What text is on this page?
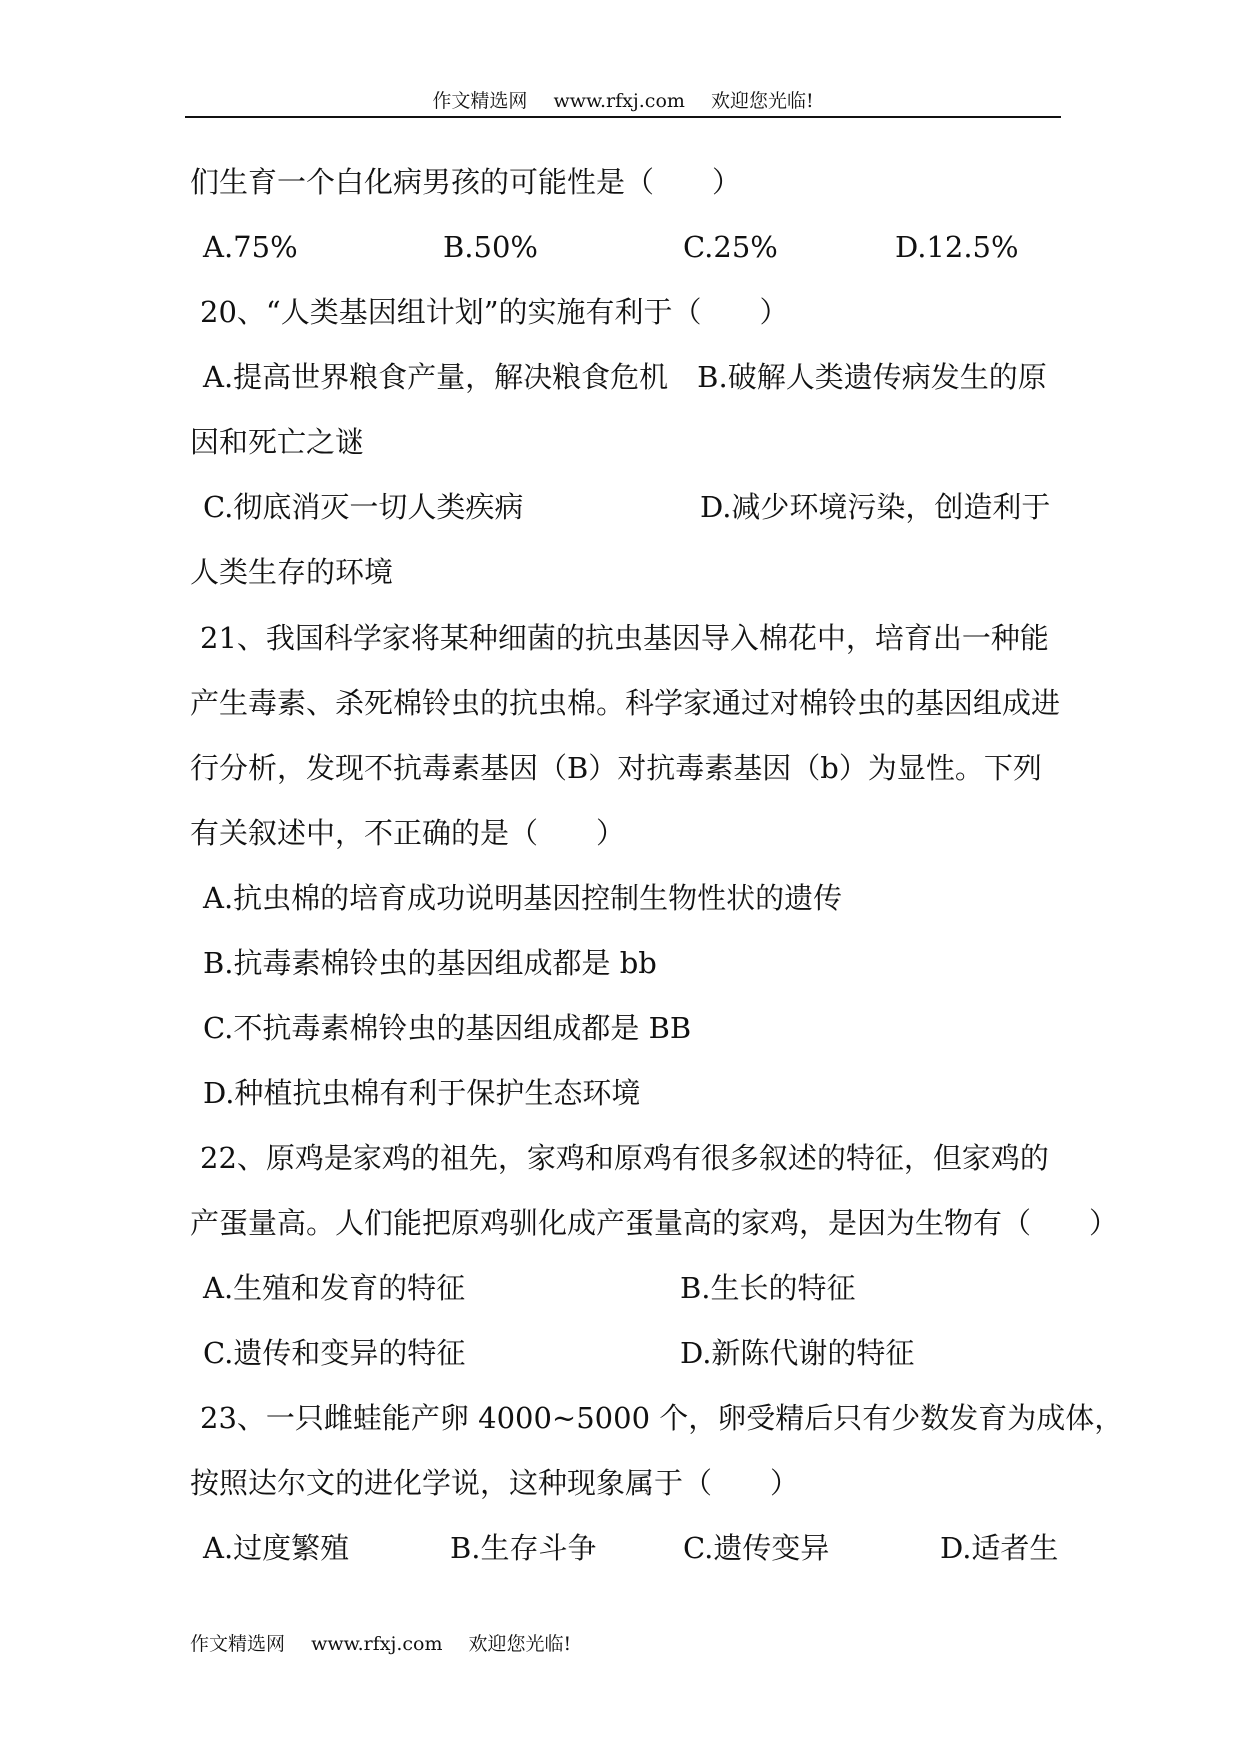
作文精选网 www.rfxj.com 欢迎您光临!
们生育一个白化病男孩的可能性是（　　）
A.75%	B.50%	C.25%	D.12.5%
20、“人类基因组计划”的实施有利于（　　）
A.提高世界粮食产量，解决粮食危机　B.破解人类遗传病发生的原
因和死亡之谜
C.彻底消灭一切人类疾病	D.减少环境污染，创造利于
人类生存的环境
21、我国科学家将某种细菌的抗虫基因导入棉花中，培育出一种能
产生毒素、杀死棉铃虫的抗虫棉。科学家通过对棉铃虫的基因组成进
行分析，发现不抗毒素基因（B）对抗毒素基因（b）为显性。下列
有关叙述中，不正确的是（　　）
A.抗虫棉的培育成功说明基因控制生物性状的遗传
B.抗毒素棉铃虫的基因组成都是 bb
C.不抗毒素棉铃虫的基因组成都是 BB
D.种植抗虫棉有利于保护生态环境
22、原鸡是家鸡的祖先，家鸡和原鸡有很多叙述的特征，但家鸡的
产蛋量高。人们能把原鸡驯化成产蛋量高的家鸡，是因为生物有（　　）
A.生殖和发育的特征	B.生长的特征
C.遗传和变异的特征	D.新陈代谢的特征
23、一只雌蛙能产卵 4000~5000 个，卵受精后只有少数发育为成体，
按照达尔文的进化学说，这种现象属于（　　）
A.过度繁殖	B.生存斗争	C.遗传变异	D.适者生
作文精选网 www.rfxj.com 欢迎您光临!
